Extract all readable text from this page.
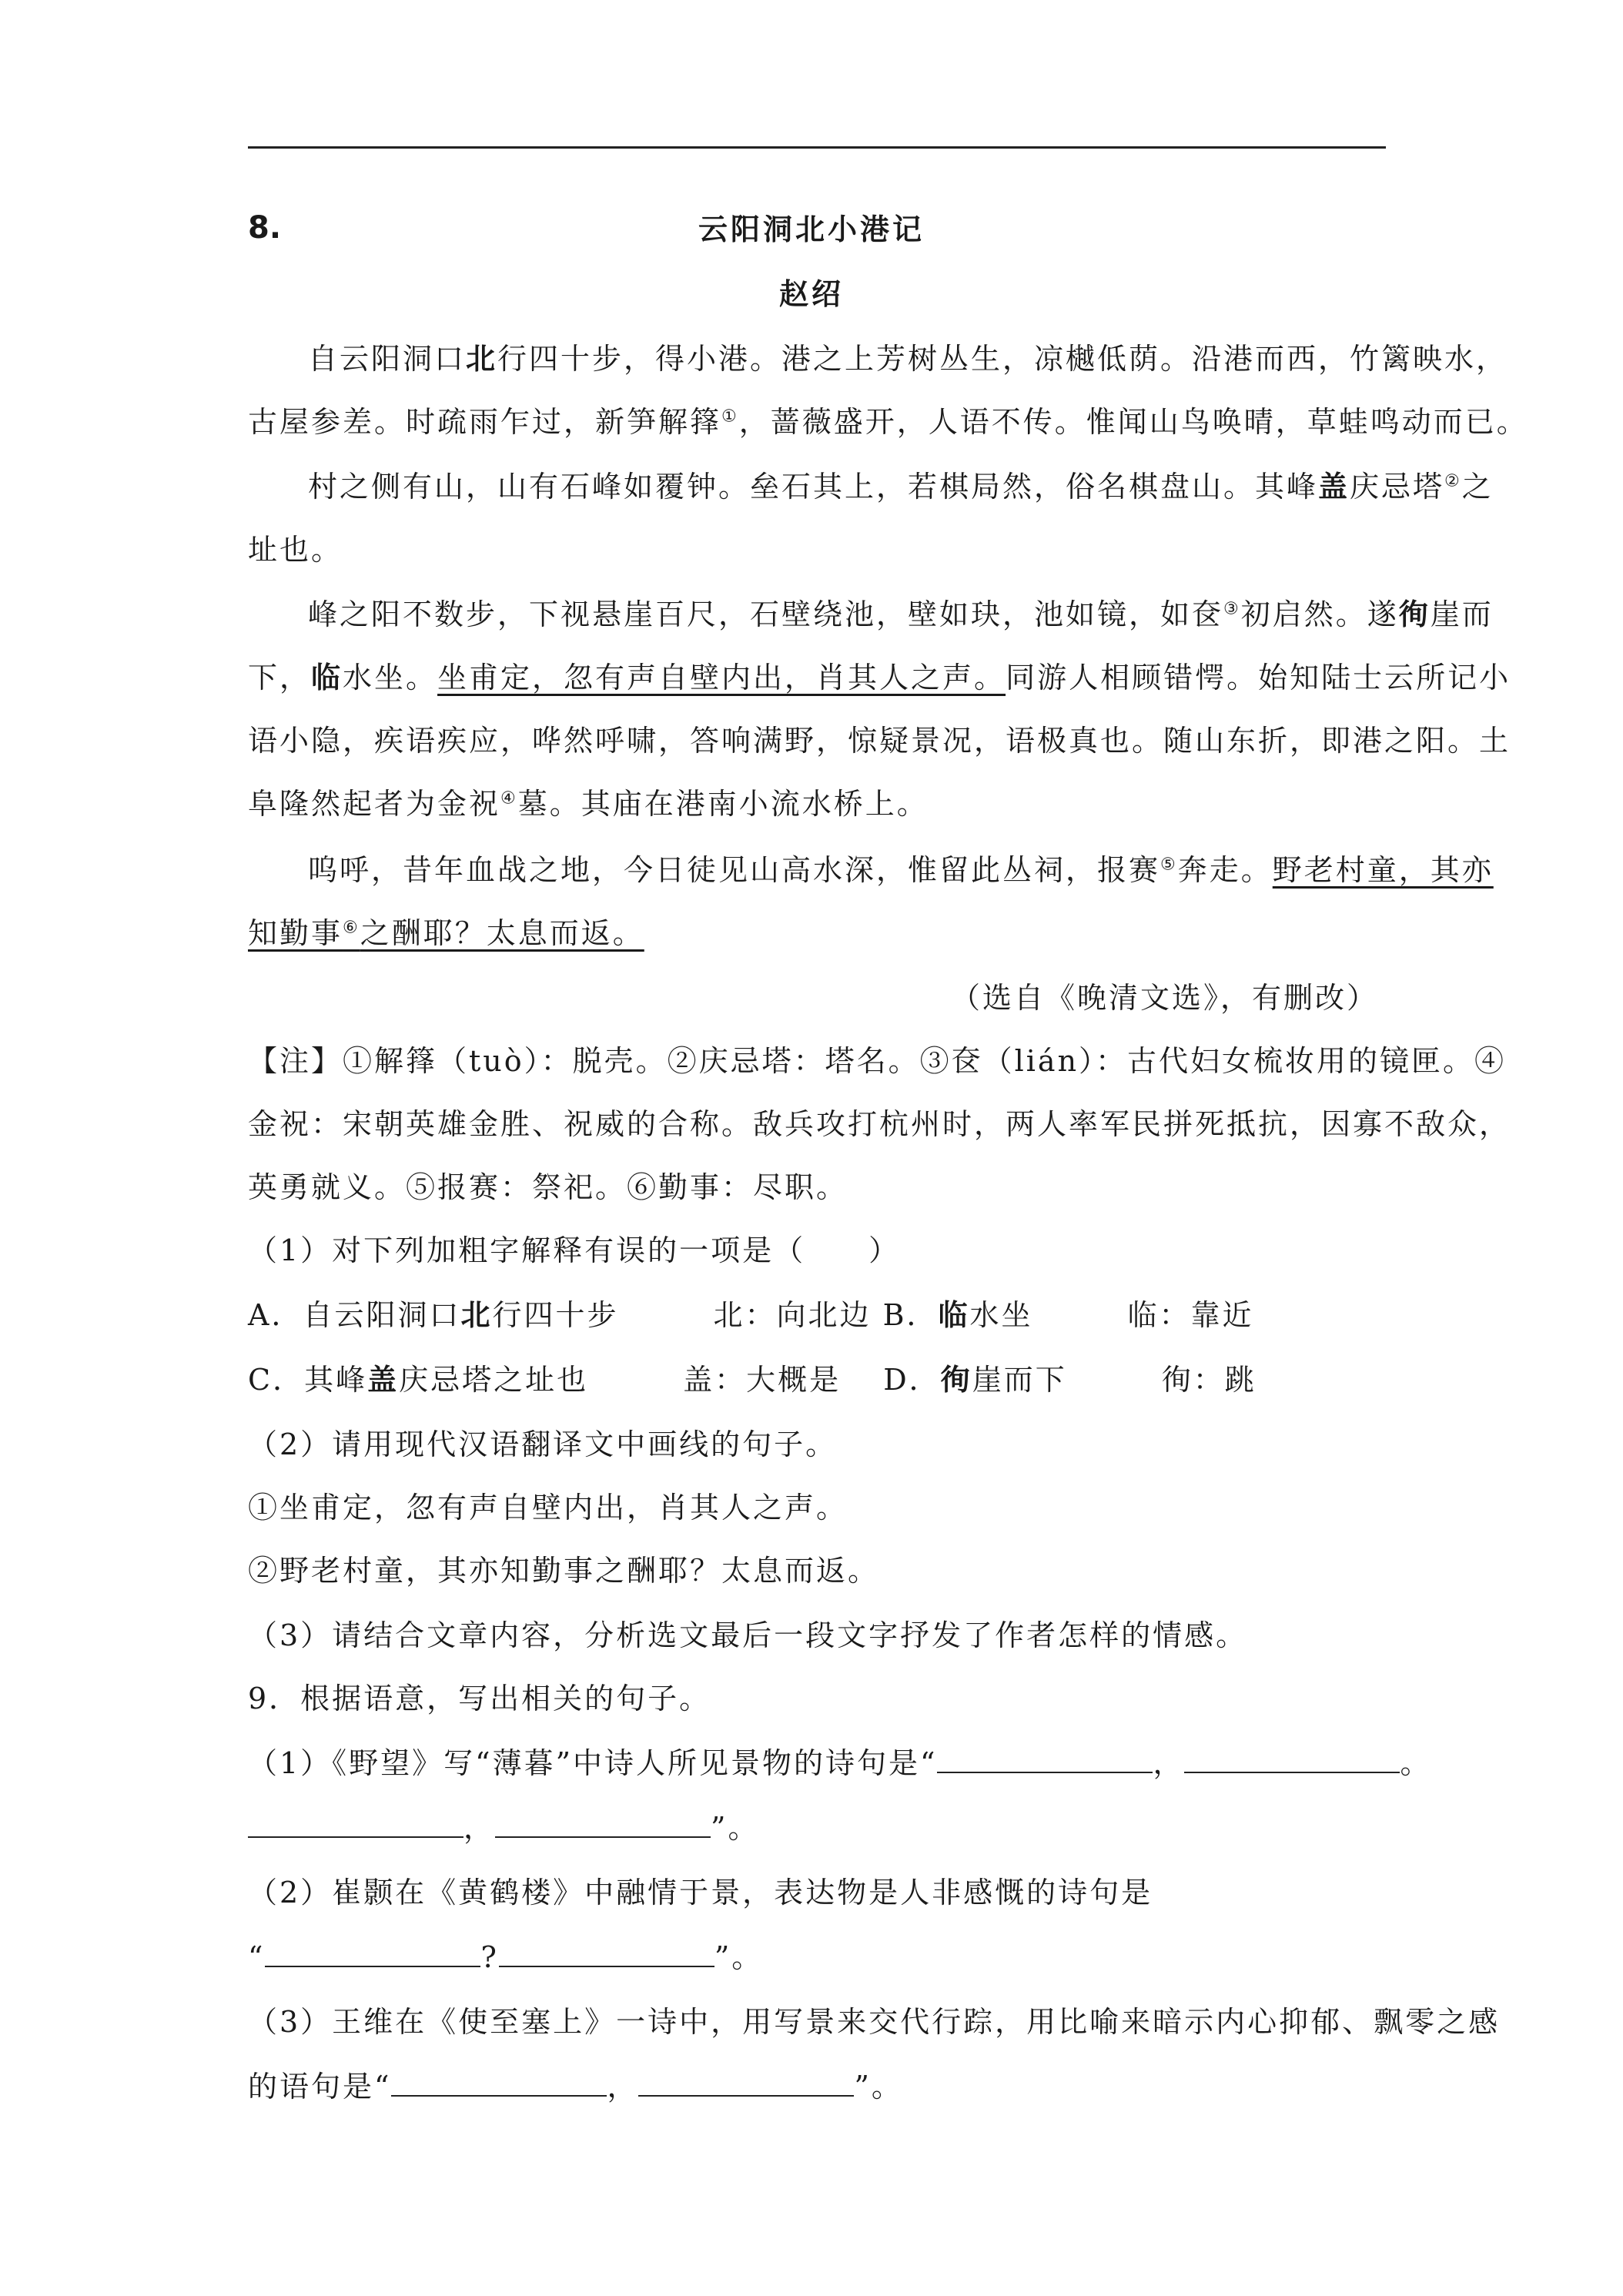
8.	云阳洞北小港记
赵绍
自云阳洞口北行四十步，得小港。港之上芳树丛生，凉樾低荫。沿港而西，竹篱映水，
古屋参差。时疏雨乍过，新笋解箨①，蔷薇盛开，人语不传。惟闻山鸟唤晴，草蛙鸣动而已。
村之侧有山，山有石峰如覆钟。垒石其上，若棋局然，俗名棋盘山。其峰盖庆忌塔②之
址也。
峰之阳不数步，下视悬崖百尺，石壁绕池，壁如玦，池如镜，如奁③初启然。遂徇崖而
下，临水坐。坐甫定，忽有声自壁内出，肖其人之声。同游人相顾错愕。始知陆士云所记小
语小隐，疾语疾应，哗然呼啸，答响满野，惊疑景况，语极真也。随山东折，即港之阳。土
阜隆然起者为金祝④墓。其庙在港南小流水桥上。
呜呼，昔年血战之地，今日徒见山高水深，惟留此丛祠，报赛⑤奔走。野老村童，其亦
知勤事⑥之酬耶？太息而返。
（选自《晚清文选》，有删改）
【注】①解箨（tuò）：脱壳。②庆忌塔：塔名。③奁（lián）：古代妇女梳妆用的镜匣。④
金祝：宋朝英雄金胜、祝威的合称。敌兵攻打杭州时，两人率军民拼死抵抗，因寡不敌众，
英勇就义。⑤报赛：祭祀。⑥勤事：尽职。
（1）对下列加粗字解释有误的一项是（　　）
A．自云阳洞口北行四十步　　　北：向北边 B．临水坐　　　临：靠近
C．其峰盖庆忌塔之址也　　　盖：大概是 D．徇崖而下　　　徇：跳
（2）请用现代汉语翻译文中画线的句子。
①坐甫定，忽有声自壁内出，肖其人之声。
②野老村童，其亦知勤事之酬耶？太息而返。
（3）请结合文章内容，分析选文最后一段文字抒发了作者怎样的情感。
9．根据语意，写出相关的句子。
（1）《野望》写“薄暮”中诗人所见景物的诗句是“	，	。
，	”。
（2）崔颢在《黄鹤楼》中融情于景，表达物是人非感慨的诗句是
“	?	”。
（3）王维在《使至塞上》一诗中，用写景来交代行踪，用比喻来暗示内心抑郁、飘零之感
的语句是“	，	”。
